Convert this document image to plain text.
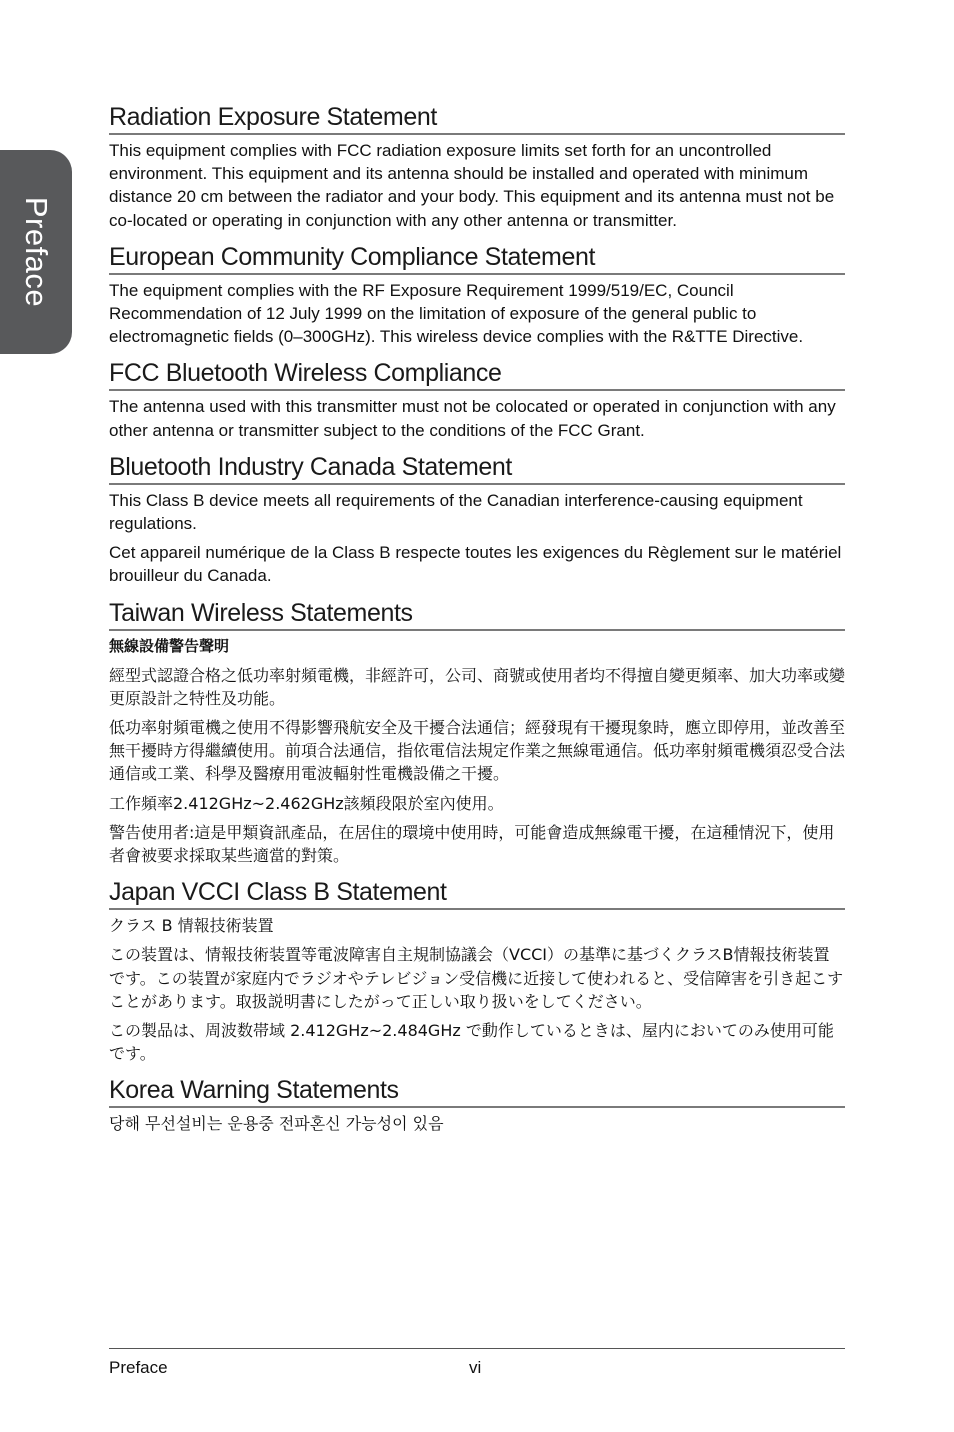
Preface
Radiation Exposure Statement

This equipment complies with FCC radiation exposure limits set forth for an uncontrolled environment. This equipment and its antenna should be installed and operated with minimum distance 20 cm between the radiator and your body. This equipment and its antenna must not be co-located or operating in conjunction with any other antenna or transmitter.

European Community Compliance Statement

The equipment complies with the RF Exposure Requirement 1999/519/EC, Council Recommendation of 12 July 1999 on the limitation of exposure of the general public to electromagnetic fields (0–300GHz). This wireless device complies with the R&TTE Directive.

FCC Bluetooth Wireless Compliance

The antenna used with this transmitter must not be colocated or operated in conjunction with any other antenna or transmitter subject to the conditions of the FCC Grant.

Bluetooth Industry Canada Statement

This Class B device meets all requirements of the Canadian interference-causing equipment regulations.

Cet appareil numérique de la Class B respecte toutes les exigences du Règlement sur le matériel brouilleur du Canada.

Taiwan Wireless Statements

無線設備警告聲明

經型式認證合格之低功率射頻電機，非經許可，公司、商號或使用者均不得擅自變更頻率、加大功率或變更原設計之特性及功能。

低功率射頻電機之使用不得影響飛航安全及干擾合法通信；經發現有干擾現象時，應立即停用，並改善至無干擾時方得繼續使用。前項合法通信，指依電信法規定作業之無線電通信。低功率射頻電機須忍受合法通信或工業、科學及醫療用電波輻射性電機設備之干擾。

工作頻率2.412GHz~2.462GHz該頻段限於室內使用。

警告使用者:這是甲類資訊產品，在居住的環境中使用時，可能會造成無線電干擾，在這種情況下，使用者會被要求採取某些適當的對策。

Japan VCCI Class B Statement

クラス B 情報技術装置

この装置は、情報技術装置等電波障害自主規制協議会（VCCI）の基準に基づくクラスB情報技術装置です。この装置が家庭内でラジオやテレビジョン受信機に近接して使われると、受信障害を引き起こすことがあります。取扱説明書にしたがって正しい取り扱いをしてください。

この製品は、周波数帯域 2.412GHz~2.484GHz で動作しているときは、屋内においてのみ使用可能です。

Korea Warning Statements

당해 무선설비는 운용중 전파혼신 가능성이 있음

Preface	vi
